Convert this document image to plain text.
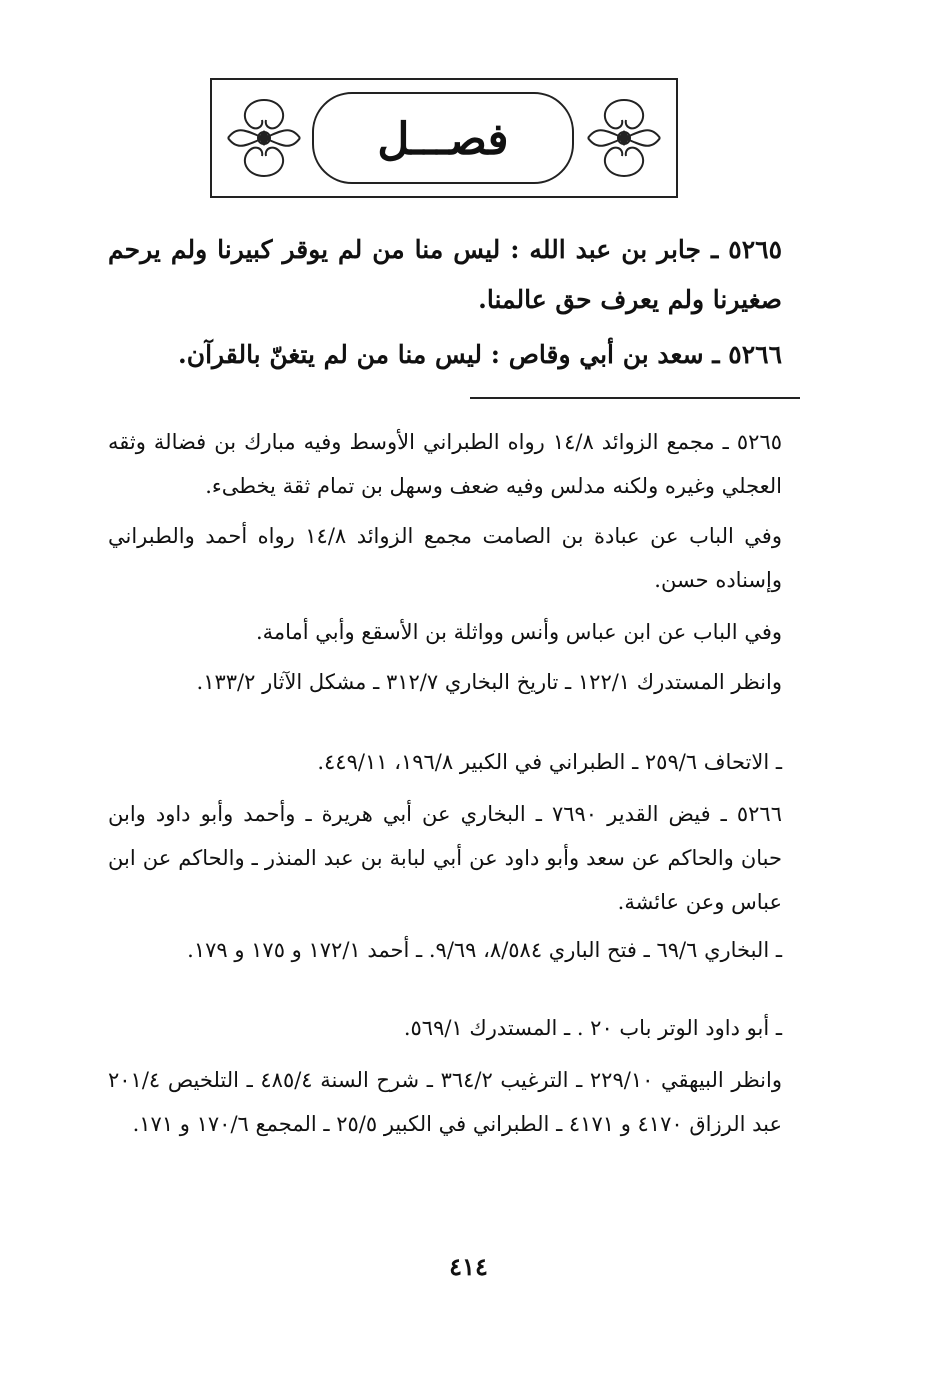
فصـــل
٥٢٦٥ ـ جابر بن عبد الله : ليس منا من لم يوقر كبيرنا ولم يرحم صغيرنا ولم يعرف حق عالمنا.
٥٢٦٦ ـ سعد بن أبي وقاص : ليس منا من لم يتغنّ بالقرآن.
٥٢٦٥ ـ مجمع الزوائد ١٤/٨ رواه الطبراني الأوسط وفيه مبارك بن فضالة وثقه العجلي وغيره ولكنه مدلس وفيه ضعف وسهل بن تمام ثقة يخطىء.
وفي الباب عن عبادة بن الصامت مجمع الزوائد ١٤/٨ رواه أحمد والطبراني وإسناده حسن.
وفي الباب عن ابن عباس وأنس وواثلة بن الأسقع وأبي أمامة.
وانظر المستدرك ١٢٢/١ ـ تاريخ البخاري ٣١٢/٧ ـ مشكل الآثار ١٣٣/٢.
ـ الاتحاف ٢٥٩/٦ ـ الطبراني في الكبير ١٩٦/٨، ٤٤٩/١١.
٥٢٦٦ ـ فيض القدير ٧٦٩٠ ـ البخاري عن أبي هريرة ـ وأحمد وأبو داود وابن حبان والحاكم عن سعد وأبو داود عن أبي لبابة بن عبد المنذر ـ والحاكم عن ابن عباس وعن عائشة.
ـ البخاري ٦٩/٦ ـ فتح الباري ٨/٥٨٤، ٩/٦٩. ـ أحمد ١٧٢/١ و ١٧٥ و ١٧٩.
ـ أبو داود الوتر باب ٢٠ . ـ المستدرك ٥٦٩/١.
وانظر البيهقي ٢٢٩/١٠ ـ الترغيب ٣٦٤/٢ ـ شرح السنة ٤٨٥/٤ ـ التلخيص ٢٠١/٤ عبد الرزاق ٤١٧٠ و ٤١٧١ ـ الطبراني في الكبير ٢٥/٥ ـ المجمع ١٧٠/٦ و ١٧١.
٤١٤
